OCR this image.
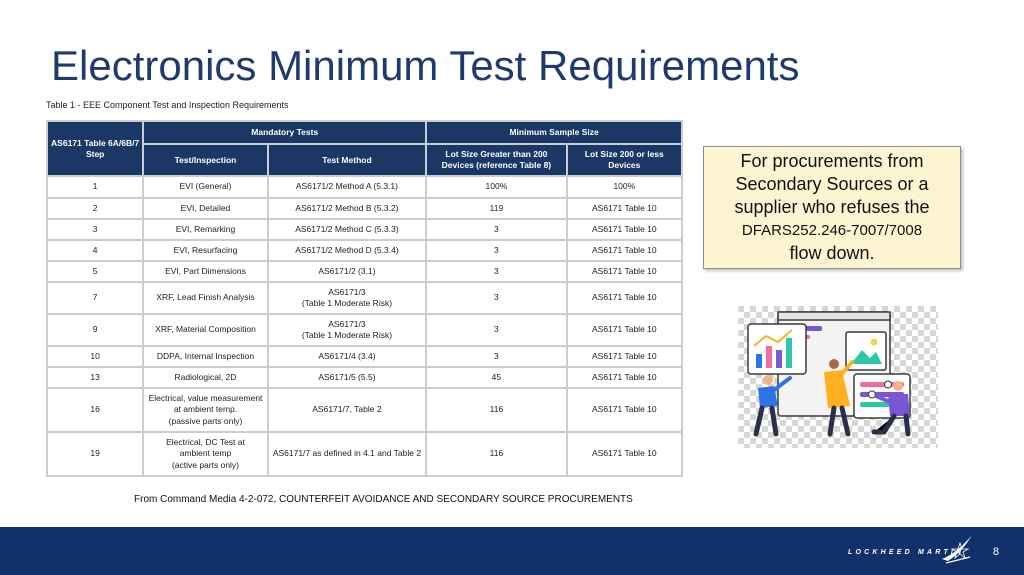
Electronics Minimum Test Requirements
Table 1 - EEE Component Test and Inspection Requirements
AS6171 Table 6A/6B/7 Step	Mandatory Tests		Minimum Sample Size	
	Test/Inspection	Test Method	Lot Size Greater than 200 Devices (reference Table 8)	Lot Size 200 or less Devices
1	EVI (General)	AS6171/2 Method A (5.3.1)	100%	100%
2	EVI, Detailed	AS6171/2 Method B (5.3.2)	119	AS6171 Table 10
3	EVI, Remarking	AS6171/2 Method C (5.3.3)	3	AS6171 Table 10
4	EVI, Resurfacing	AS6171/2 Method D (5.3.4)	3	AS6171 Table 10
5	EVI, Part Dimensions	AS6171/2 (3.1)	3	AS6171 Table 10
7	XRF, Lead Finish Analysis	AS6171/3
(Table 1 Moderate Risk)	3	AS6171 Table 10
9	XRF, Material Composition	AS6171/3
(Table 1 Moderate Risk)	3	AS6171 Table 10
10	DDPA, Internal Inspection	AS6171/4 (3.4)	3	AS6171 Table 10
13	Radiological, 2D	AS6171/5 (5.5)	45	AS6171 Table 10
16	Electrical, value measurement
at ambient temp.
(passive parts only)	AS6171/7, Table 2	116	AS6171 Table 10
19	Electrical, DC Test at
ambient temp
(active parts only)	AS6171/7 as defined in 4.1 and Table 2	116	AS6171 Table 10
For procurements from
Secondary Sources or a
supplier who refuses the
DFARS252.246-7007/7008
flow down.
From Command Media 4-2-072, COUNTERFEIT AVOIDANCE AND SECONDARY SOURCE PROCUREMENTS
LOCKHEED MARTIN	8
